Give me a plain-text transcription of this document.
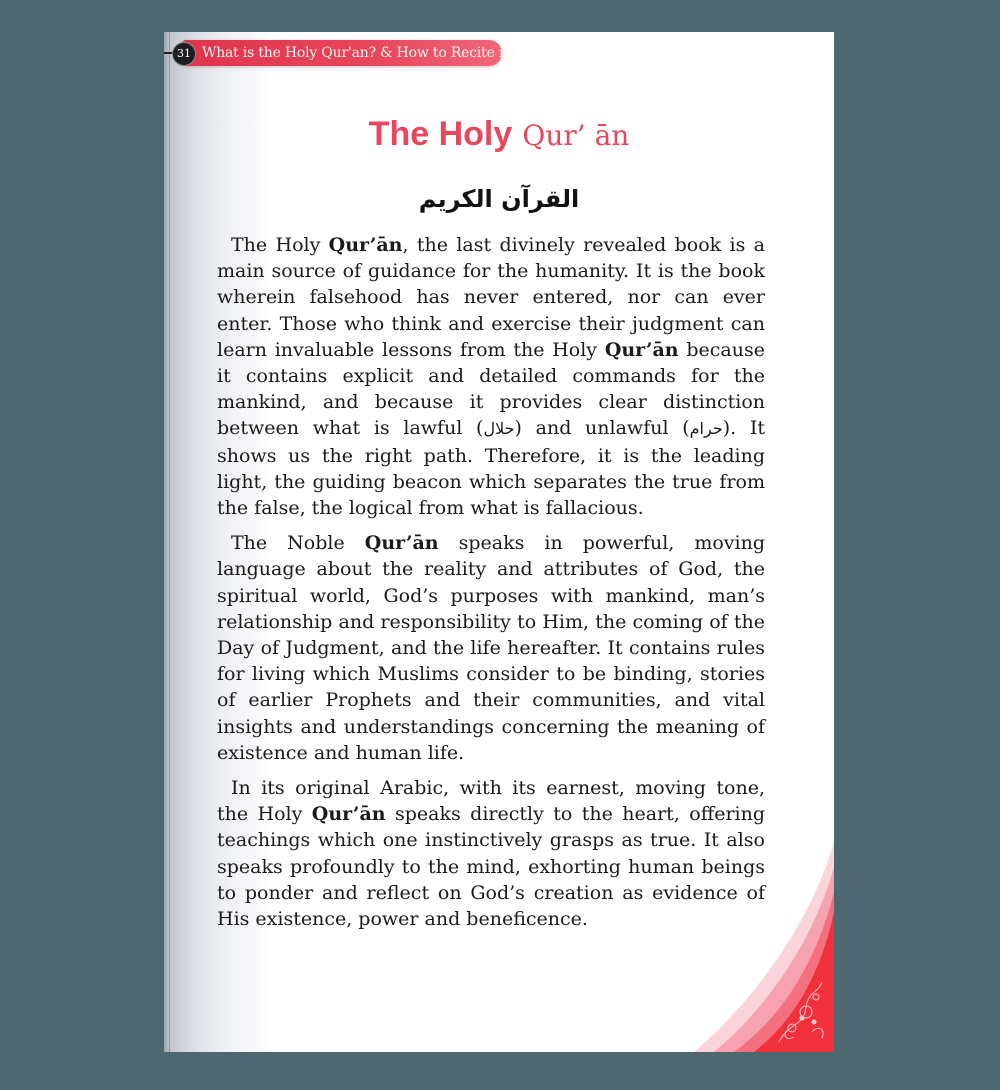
31 What is the Holy Qur'an? & How to Recite it?
The Holy Qur’ ān
القرآن الكريم

The Holy Qur’ān, the last divinely revealed book is a main source of guidance for the humanity. It is the book wherein falsehood has never entered, nor can ever enter. Those who think and exercise their judgment can learn invaluable lessons from the Holy Qur’ān because it contains explicit and detailed commands for the mankind, and because it provides clear distinction between what is lawful (حلال) and unlawful (حرام). It shows us the right path. Therefore, it is the leading light, the guiding beacon which separates the true from the false, the logical from what is fallacious.

The Noble Qur’ān speaks in powerful, moving language about the reality and attributes of God, the spiritual world, God’s purposes with mankind, man’s relationship and responsibility to Him, the coming of the Day of Judgment, and the life hereafter. It contains rules for living which Muslims consider to be binding, stories of earlier Prophets and their communities, and vital insights and understandings concerning the meaning of existence and human life.

In its original Arabic, with its earnest, moving tone, the Holy Qur’ān speaks directly to the heart, offering teachings which one instinctively grasps as true. It also speaks profoundly to the mind, exhorting human beings to ponder and reflect on God’s creation as evidence of His existence, power and beneficence.
